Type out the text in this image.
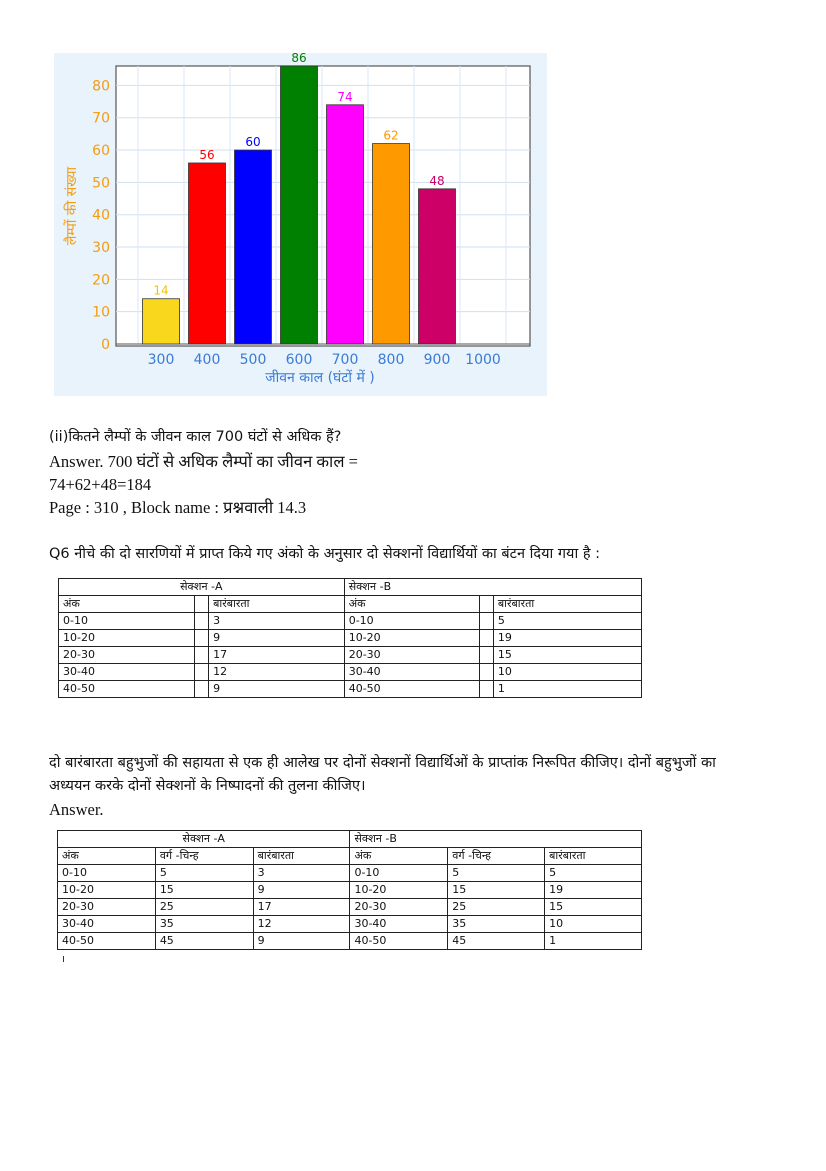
0
10
20
30
40
50
60
70
80
300 400 500 600 700 800 900 1000
14
56
60
86
74
62
48
लैम्पों की संख्या
जीवन काल (घंटों में )
(ii)कितने लैम्पों के जीवन काल 700 घंटों से अधिक हैं?
Answer. 700 घंटों से अधिक लैम्पों का जीवन काल =
74+62+48=184
Page : 310 , Block name : प्रश्नवाली 14.3
Q6 नीचे की दो सारणियों में प्राप्त किये गए अंको के अनुसार दो सेक्शनों विद्यार्थियों का बंटन दिया गया है :
सेक्शन -A			सेक्शन -B		
अंक		बारंबारता	अंक		बारंबारता
0-10		3	0-10		5
10-20		9	10-20		19
20-30		17	20-30		15
30-40		12	30-40		10
40-50		9	40-50		1
दो बारंबारता बहुभुजों की सहायता से एक ही आलेख पर दोनों सेक्शनों विद्यार्थिओं के प्राप्तांक निरूपित कीजिए। दोनों बहुभुजों का
अध्ययन करके दोनों सेक्शनों के निष्पादनों की तुलना कीजिए।
Answer.
सेक्शन -A			सेक्शन -B		
अंक	वर्ग -चिन्ह	बारंबारता	अंक	वर्ग -चिन्ह	बारंबारता
0-10	5	3	0-10	5	5
10-20	15	9	10-20	15	19
20-30	25	17	20-30	25	15
30-40	35	12	30-40	35	10
40-50	45	9	40-50	45	1
